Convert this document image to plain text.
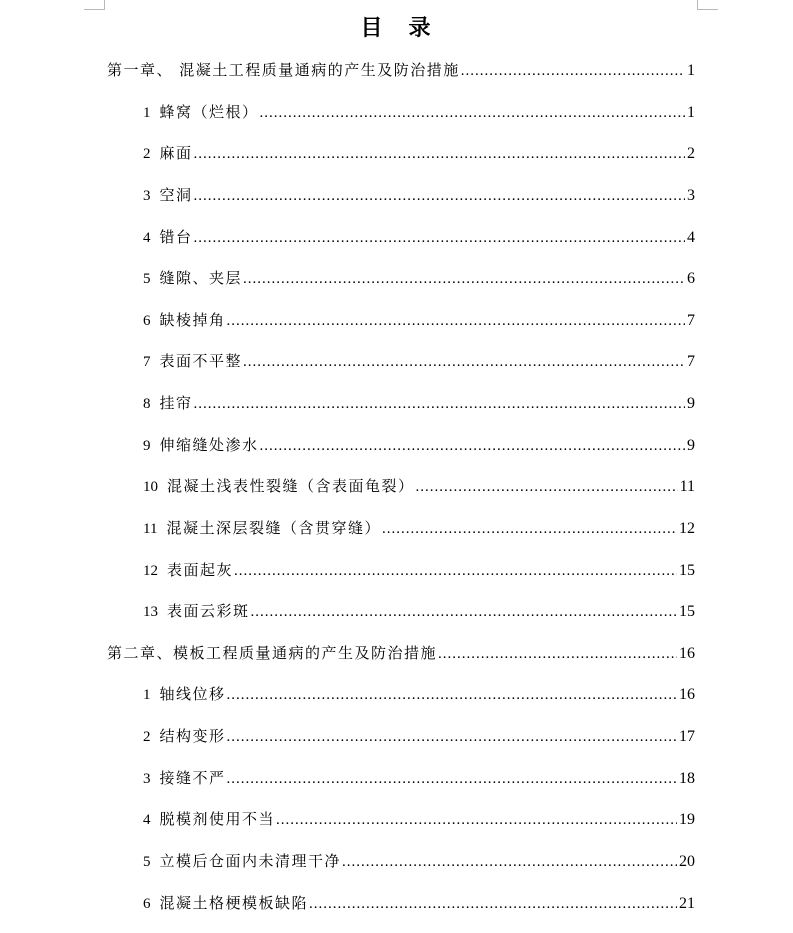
目　录
第一章、 混凝土工程质量通病的产生及防治措施 .....	1
1 蜂窝（烂根） .....	1
2 麻面 .....	2
3 空洞 .....	3
4 错台 .....	4
5 缝隙、夹层 .....	6
6 缺棱掉角 .....	7
7 表面不平整 .....	7
8 挂帘 .....	9
9 伸缩缝处渗水 .....	9
10 混凝土浅表性裂缝（含表面龟裂） .....	11
11 混凝土深层裂缝（含贯穿缝） .....	12
12 表面起灰 .....	15
13 表面云彩斑 .....	15
第二章、模板工程质量通病的产生及防治措施 .....	16
1 轴线位移 .....	16
2 结构变形 .....	17
3 接缝不严 .....	18
4 脱模剂使用不当 .....	19
5 立模后仓面内未清理干净 .....	20
6 混凝土格梗模板缺陷 .....	21
